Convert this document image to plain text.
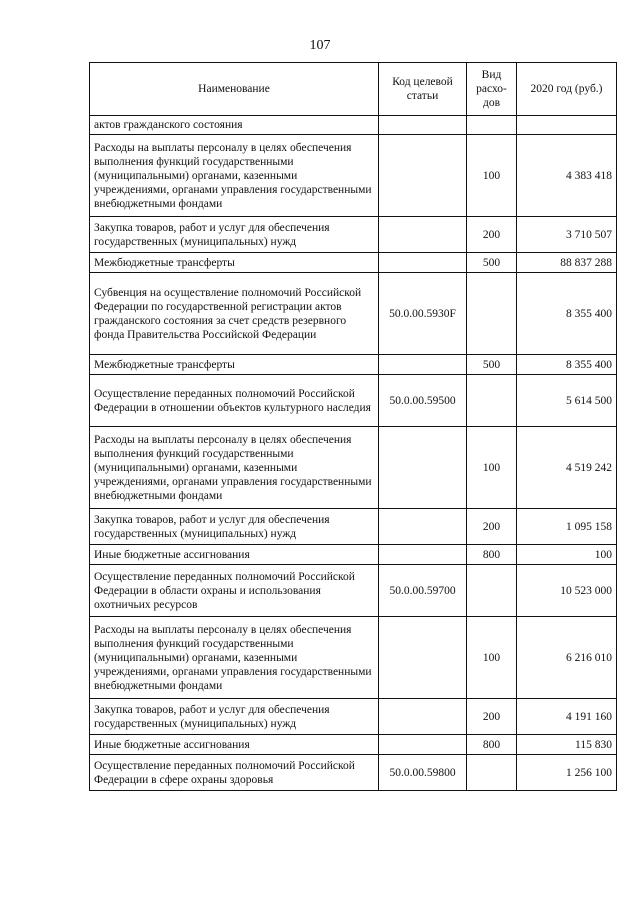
107
Наименование	Код целевой статьи	Вид расхо-дов	2020 год (руб.)
актов гражданского состояния			
Расходы на выплаты персоналу в целях обеспечения выполнения функций государственными (муниципальными) органами, казенными учреждениями, органами управления государственными внебюджетными фондами		100	4 383 418
Закупка товаров, работ и услуг для обеспечения государственных (муниципальных) нужд		200	3 710 507
Межбюджетные трансферты		500	88 837 288
Субвенция на осуществление полномочий Российской Федерации по государственной регистрации актов гражданского состояния за счет средств резервного фонда Правительства Российской Федерации	50.0.00.5930F		8 355 400
Межбюджетные трансферты		500	8 355 400
Осуществление переданных полномочий Российской Федерации в отношении объектов культурного наследия	50.0.00.59500		5 614 500
Расходы на выплаты персоналу в целях обеспечения выполнения функций государственными (муниципальными) органами, казенными учреждениями, органами управления государственными внебюджетными фондами		100	4 519 242
Закупка товаров, работ и услуг для обеспечения государственных (муниципальных) нужд		200	1 095 158
Иные бюджетные ассигнования		800	100
Осуществление переданных полномочий Российской Федерации в области охраны и использования охотничьих ресурсов	50.0.00.59700		10 523 000
Расходы на выплаты персоналу в целях обеспечения выполнения функций государственными (муниципальными) органами, казенными учреждениями, органами управления государственными внебюджетными фондами		100	6 216 010
Закупка товаров, работ и услуг для обеспечения государственных (муниципальных) нужд		200	4 191 160
Иные бюджетные ассигнования		800	115 830
Осуществление переданных полномочий Российской Федерации в сфере охраны здоровья	50.0.00.59800		1 256 100
